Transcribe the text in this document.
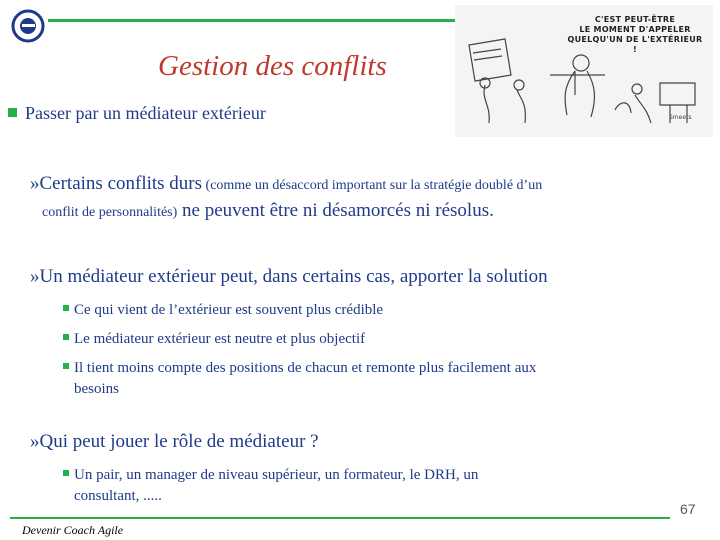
Gestion des conflits
C'EST PEUT-ÊTRE
LE MOMENT D'APPELER
QUELQU'UN DE L'EXTÉRIEUR !
Smeets
Passer par un médiateur extérieur
»Certains conflits durs (comme un désaccord important sur la stratégie doublé d’un
conflit de personnalités) ne peuvent être ni désamorcés ni résolus.
»Un médiateur extérieur peut, dans certains cas, apporter la solution
Ce qui vient de l’extérieur est souvent plus crédible
Le médiateur extérieur est neutre et plus objectif
Il tient moins compte des positions de chacun et remonte plus facilement aux
besoins
»Qui peut jouer le rôle de médiateur ?
Un pair, un manager de niveau supérieur, un formateur, le DRH, un
consultant, .....
Devenir Coach Agile
67
